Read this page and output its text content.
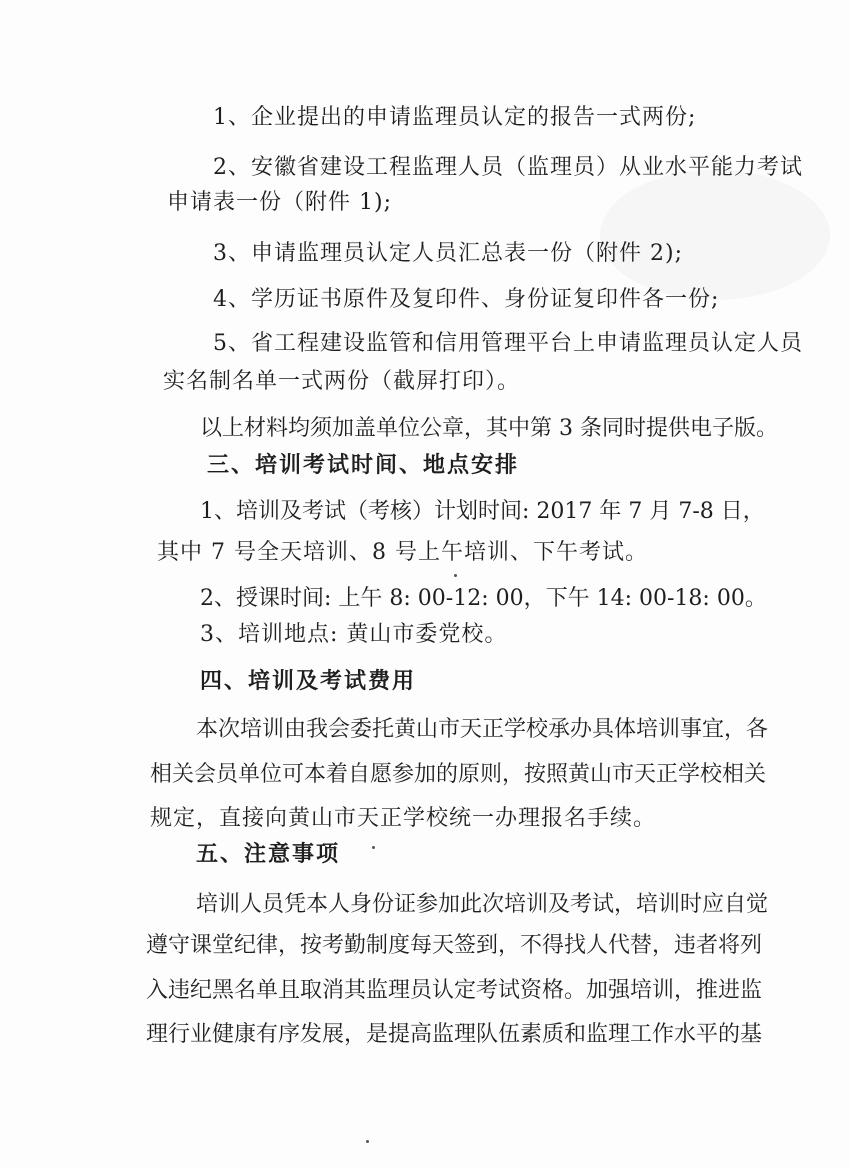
1、企业提出的申请监理员认定的报告一式两份;
2、安徽省建设工程监理人员（监理员）从业水平能力考试
申请表一份（附件 1);
3、申请监理员认定人员汇总表一份（附件 2);
4、学历证书原件及复印件、身份证复印件各一份;
5、省工程建设监管和信用管理平台上申请监理员认定人员
实名制名单一式两份（截屏打印）。
以上材料均须加盖单位公章，其中第 3 条同时提供电子版。
三、培训考试时间、地点安排
1、培训及考试（考核）计划时间: 2017 年 7 月 7-8 日，
其中 7 号全天培训、8 号上午培训、下午考试。
2、授课时间: 上午 8: 00-12: 00，下午 14: 00-18: 00。
3、培训地点: 黄山市委党校。
四、培训及考试费用
本次培训由我会委托黄山市天正学校承办具体培训事宜，各
相关会员单位可本着自愿参加的原则，按照黄山市天正学校相关
规定，直接向黄山市天正学校统一办理报名手续。
五、注意事项
培训人员凭本人身份证参加此次培训及考试，培训时应自觉
遵守课堂纪律，按考勤制度每天签到，不得找人代替，违者将列
入违纪黑名单且取消其监理员认定考试资格。加强培训，推进监
理行业健康有序发展，是提高监理队伍素质和监理工作水平的基
